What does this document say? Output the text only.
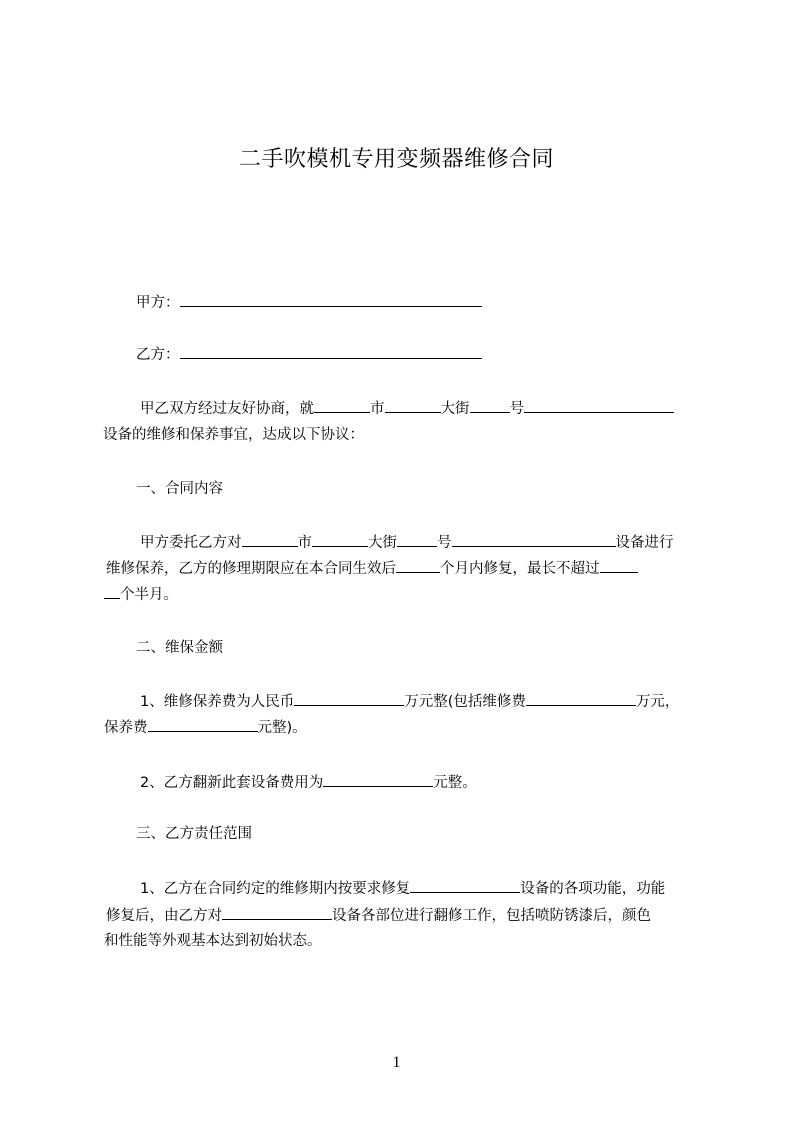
二手吹模机专用变频器维修合同
甲方：
乙方：
甲乙双方经过友好协商，就	市	大街	号
设备的维修和保养事宜，达成以下协议：
一、合同内容
甲方委托乙方对	市	大街	号	设备进行
维修保养，乙方的修理期限应在本合同生效后	个月内修复，最长不超过
个半月。
二、维保金额
1、维修保养费为人民币	万元整(包括维修费	万元，
保养费	元整)。
2、乙方翻新此套设备费用为	元整。
三、乙方责任范围
1、乙方在合同约定的维修期内按要求修复	设备的各项功能，功能
修复后，由乙方对	设备各部位进行翻修工作，包括喷防锈漆后，颜色
和性能等外观基本达到初始状态。
1
